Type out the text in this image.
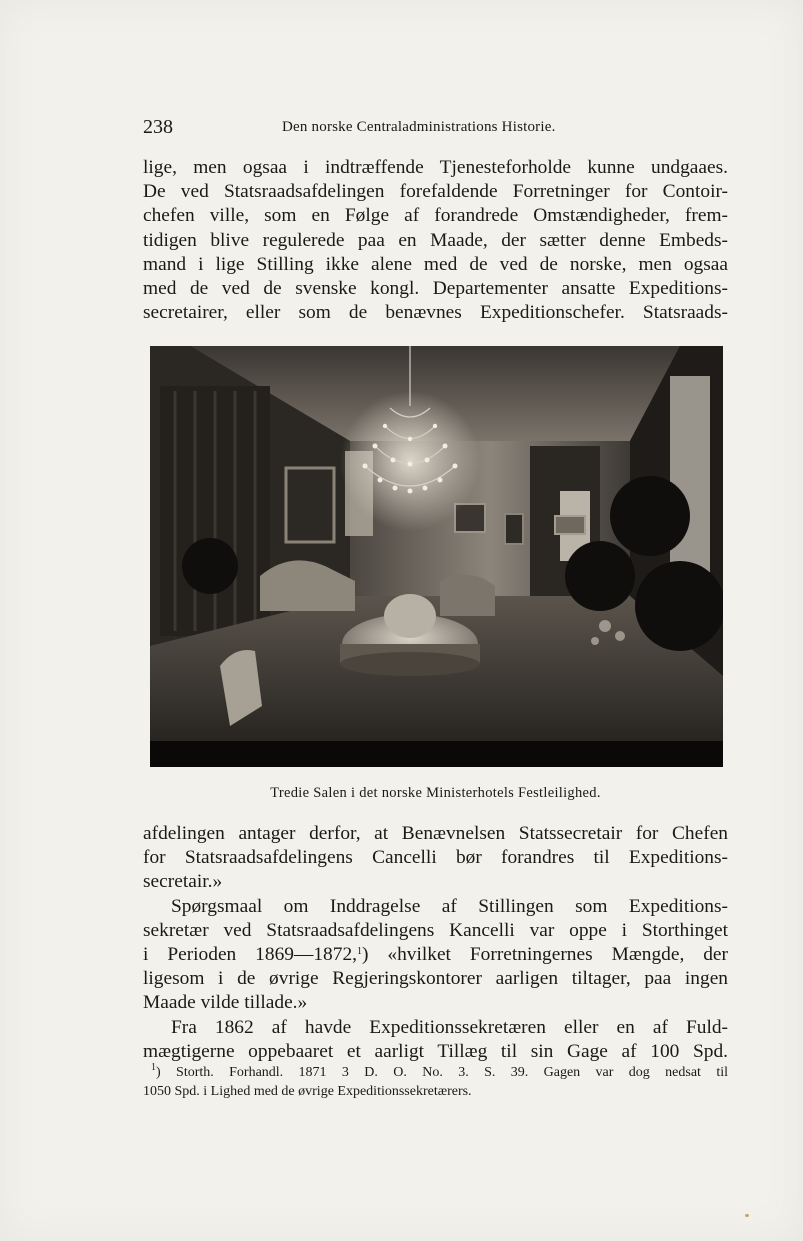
238	Den norske Centraladministrations Historie.

lige, men ogsaa i indtræffende Tjenesteforholde kunne undgaaes.

De ved Statsraadsafdelingen forefaldende Forretninger for Contoir-

chefen ville, som en Følge af forandrede Omstændigheder, frem-

tidigen blive regulerede paa en Maade, der sætter denne Embeds-

mand i lige Stilling ikke alene med de ved de norske, men ogsaa

med de ved de svenske kongl. Departementer ansatte Expeditions-

secretairer, eller som de benævnes Expeditionschefer. Statsraads-

Tredie Salen i det norske Ministerhotels Festleilighed.

afdelingen antager derfor, at Benævnelsen Statssecretair for Chefen

for Statsraadsafdelingens Cancelli bør forandres til Expeditions-

secretair.»

Spørgsmaal om Inddragelse af Stillingen som Expeditions-

sekretær ved Statsraadsafdelingens Kancelli var oppe i Storthinget

i Perioden 1869—1872,$^1$) «hvilket Forretningernes Mængde, der

ligesom i de øvrige Regjeringskontorer aarligen tiltager, paa ingen

Maade vilde tillade.»

Fra 1862 af havde Expeditionssekretæren eller en af Fuld-

mægtigerne oppebaaret et aarligt Tillæg til sin Gage af 100 Spd.

$^1$) Storth. Forhandl. 1871 3 D. O. No. 3. S. 39. Gagen var dog nedsat til

1050 Spd. i Lighed med de øvrige Expeditionssekretærers.
